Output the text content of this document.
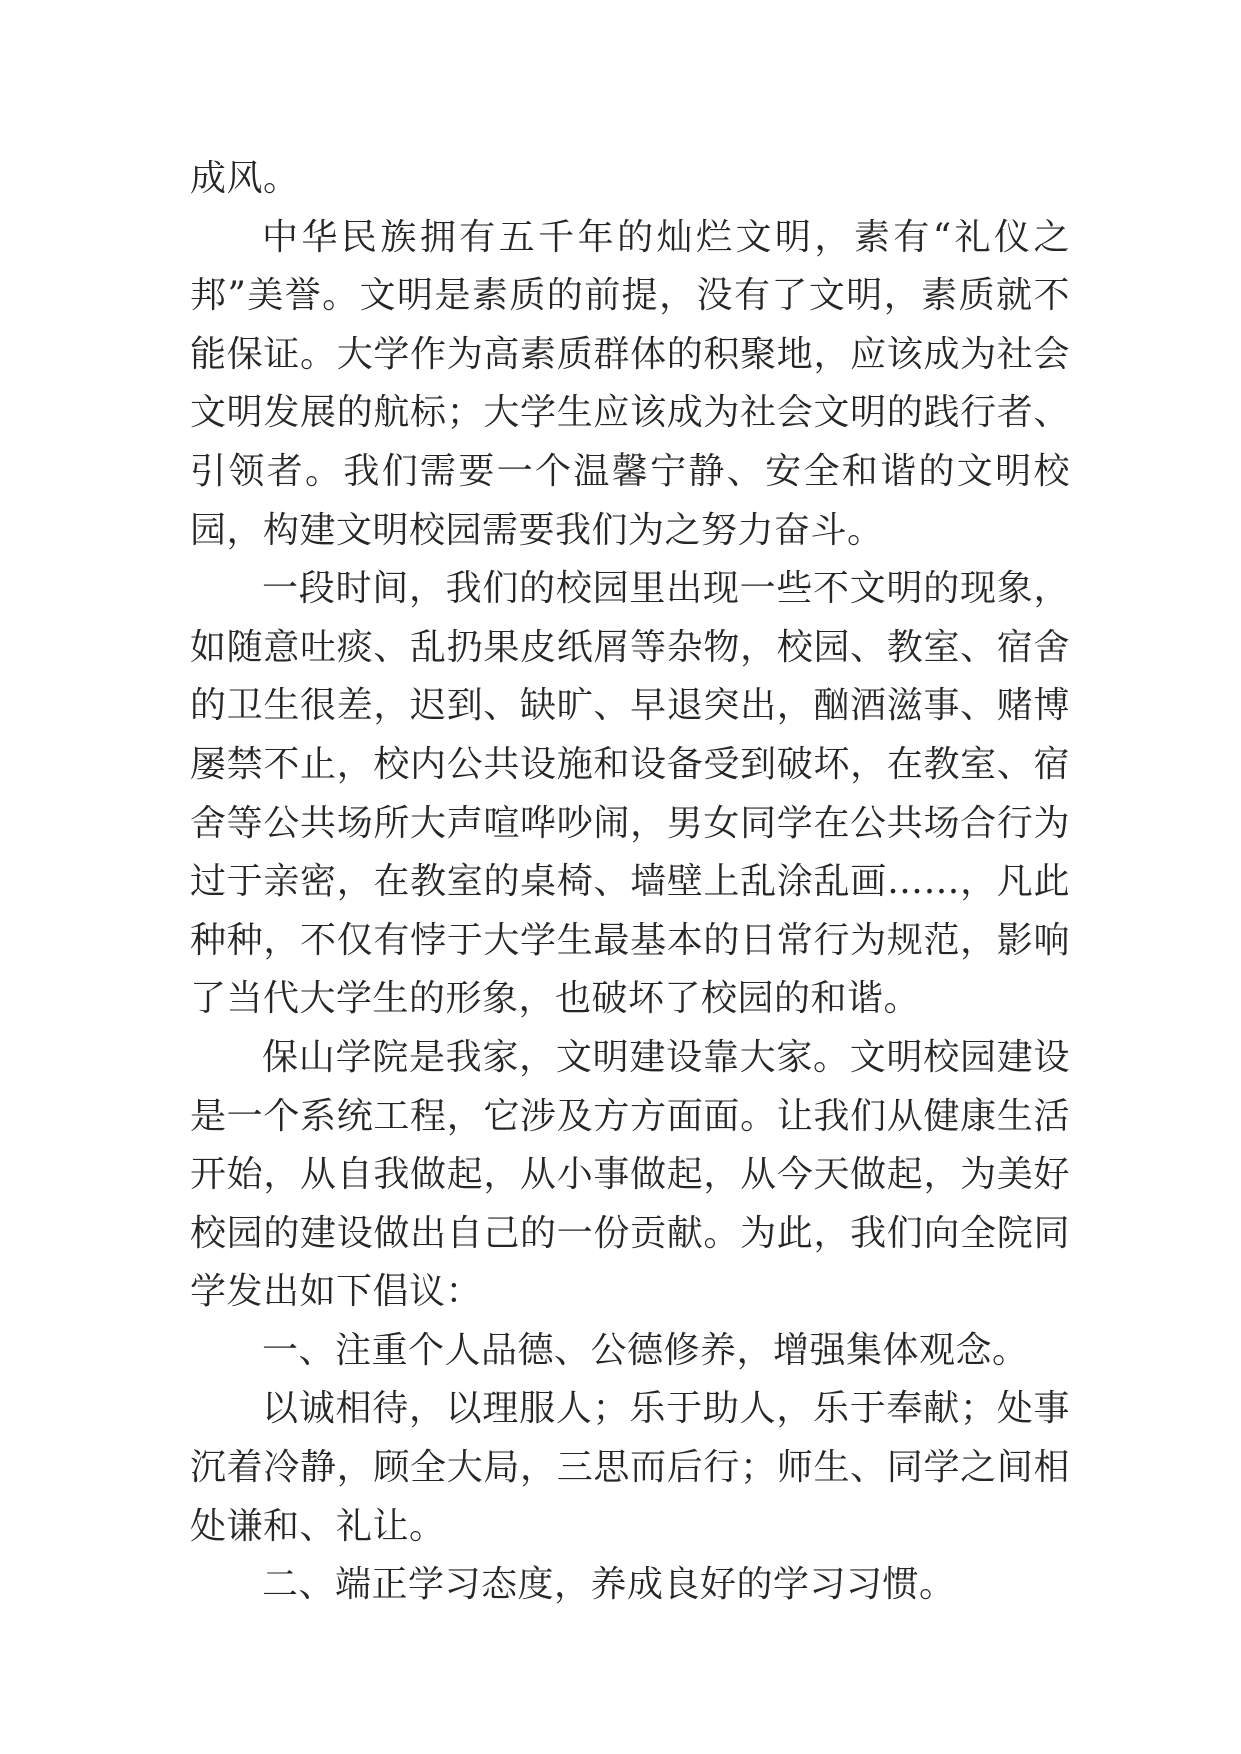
成风。

中华民族拥有五千年的灿烂文明，素有“礼仪之邦”美誉。文明是素质的前提，没有了文明，素质就不能保证。大学作为高素质群体的积聚地，应该成为社会文明发展的航标；大学生应该成为社会文明的践行者、引领者。我们需要一个温馨宁静、安全和谐的文明校园，构建文明校园需要我们为之努力奋斗。

一段时间，我们的校园里出现一些不文明的现象，如随意吐痰、乱扔果皮纸屑等杂物，校园、教室、宿舍的卫生很差，迟到、缺旷、早退突出，酗酒滋事、赌博屡禁不止，校内公共设施和设备受到破坏，在教室、宿舍等公共场所大声喧哗吵闹，男女同学在公共场合行为过于亲密，在教室的桌椅、墙壁上乱涂乱画……，凡此种种，不仅有悖于大学生最基本的日常行为规范，影响了当代大学生的形象，也破坏了校园的和谐。

保山学院是我家，文明建设靠大家。文明校园建设是一个系统工程，它涉及方方面面。让我们从健康生活开始，从自我做起，从小事做起，从今天做起，为美好校园的建设做出自己的一份贡献。为此，我们向全院同学发出如下倡议：

一、注重个人品德、公德修养，增强集体观念。

以诚相待，以理服人；乐于助人，乐于奉献；处事沉着冷静，顾全大局，三思而后行；师生、同学之间相处谦和、礼让。

二、端正学习态度，养成良好的学习习惯。
